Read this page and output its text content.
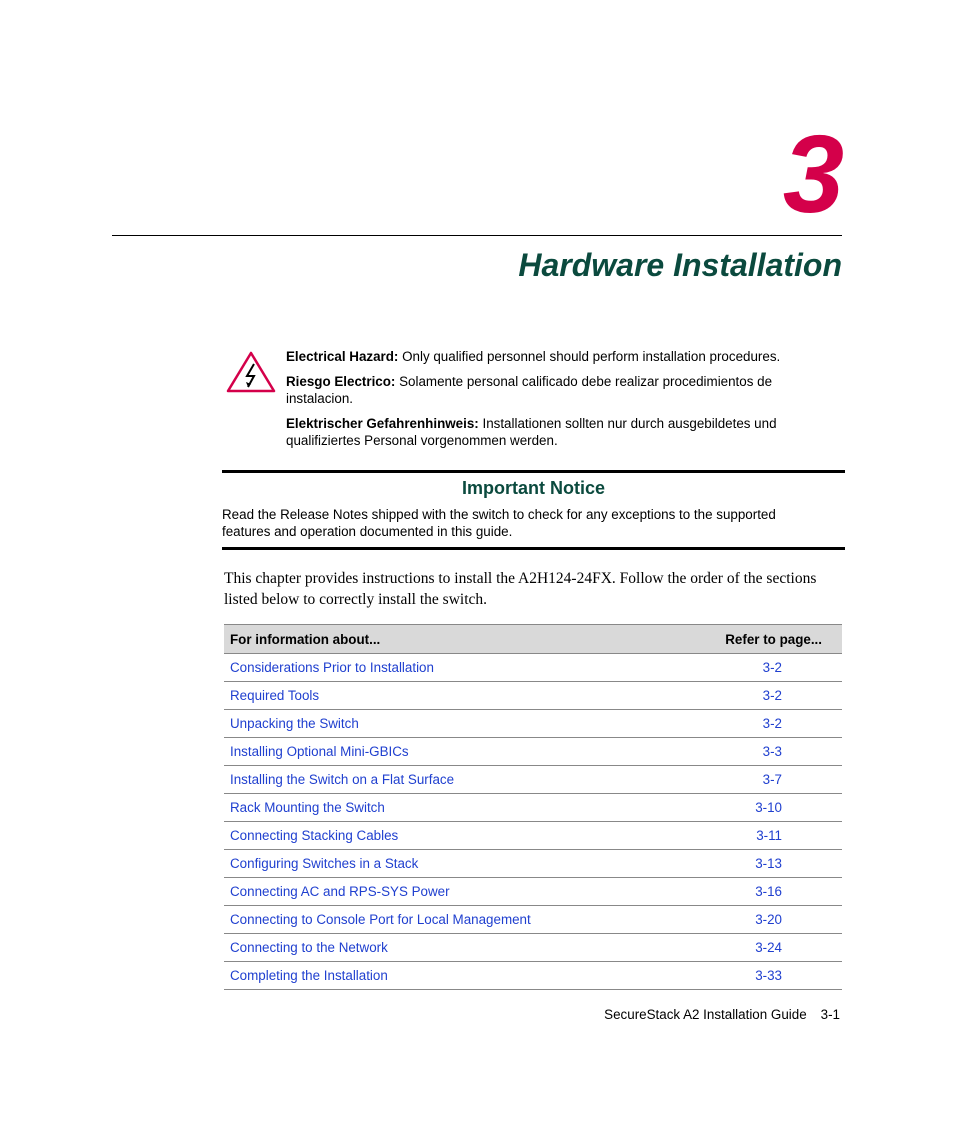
3
Hardware Installation

Electrical Hazard: Only qualified personnel should perform installation procedures.

Riesgo Electrico: Solamente personal calificado debe realizar procedimientos de instalacion.

Elektrischer Gefahrenhinweis: Installationen sollten nur durch ausgebildetes und qualifiziertes Personal vorgenommen werden.

Important Notice
Read the Release Notes shipped with the switch to check for any exceptions to the supported features and operation documented in this guide.
This chapter provides instructions to install the A2H124-24FX. Follow the order of the sections listed below to correctly install the switch.
For information about...	Refer to page...
Considerations Prior to Installation	3-2
Required Tools	3-2
Unpacking the Switch	3-2
Installing Optional Mini-GBICs	3-3
Installing the Switch on a Flat Surface	3-7
Rack Mounting the Switch	3-10
Connecting Stacking Cables	3-11
Configuring Switches in a Stack	3-13
Connecting AC and RPS-SYS Power	3-16
Connecting to Console Port for Local Management	3-20
Connecting to the Network	3-24
Completing the Installation	3-33
SecureStack A2 Installation Guide 3-1
